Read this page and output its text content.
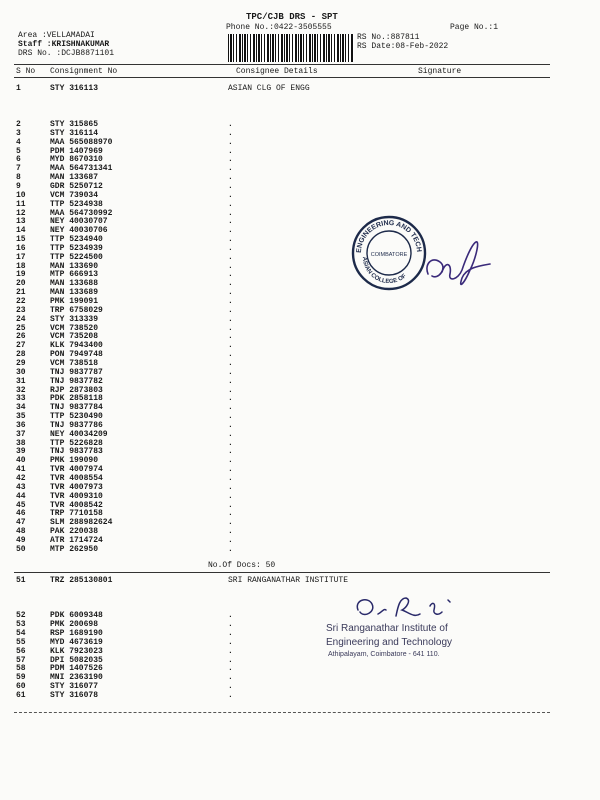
TPC/CJB DRS - SPT
Phone No.:0422-3505555	Page No.:1
Area :VELLAMADAI
Staff :KRISHNAKUMAR
DRS No. :DCJB8871101
RS No.:887811
RS Date:08-Feb-2022
S No Consignment No	Consignee Details	Signature
1	STY 316113	ASIAN CLG OF ENGG
2	STY 315865	.
3	STY 316114	.
4	MAA 565088970	.
5	PDM 1407969	.
6	MYD 8670310	.
7	MAA 564731341	.
8	MAN 133687	.
9	GDR 5250712	.
10	VCM 739034	.
11	TTP 5234938	.
12	MAA 564730992	.
13	NEY 40030707	.
14	NEY 40030706	.
15	TTP 5234940	.
16	TTP 5234939	.
17	TTP 5224500	.
18	MAN 133690	.
19	MTP 666913	.
20	MAN 133688	.
21	MAN 133689	.
22	PMK 199091	.
23	TRP 6758029	.
24	STY 313339	.
25	VCM 738520	.
26	VCM 735208	.
27	KLK 7943400	.
28	PON 7949748	.
29	VCM 738518	.
30	TNJ 9837787	.
31	TNJ 9837782	.
32	RJP 2873803	.
33	PDK 2858118	.
34	TNJ 9837784	.
35	TTP 5230490	.
36	TNJ 9837786	.
37	NEY 40034209	.
38	TTP 5226828	.
39	TNJ 9837783	.
40	PMK 199090	.
41	TVR 4007974	.
42	TVR 4008554	.
43	TVR 4007973	.
44	TVR 4009310	.
45	TVR 4008542	.
46	TRP 7710158	.
47	SLM 288982624	.
48	PAK 220038	.
49	ATR 1714724	.
50	MTP 262950	.
No.Of Docs: 50
ENGINEERING AND TECH
ASIAN COLLEGE OF
COIMBATORE
51	TRZ 285130801	SRI RANGANATHAR INSTITUTE
52	PDK 6009348	.
53	PMK 200698	.
54	RSP 1689190	.
55	MYD 4673619	.
56	KLK 7923023	.
57	DPI 5082035	.
58	PDM 1407526	.
59	MNI 2363190	.
60	STY 316077	.
61	STY 316078	.
Sri Ranganathar Institute of
Engineering and Technology
Athipalayam, Coimbatore - 641 110.
